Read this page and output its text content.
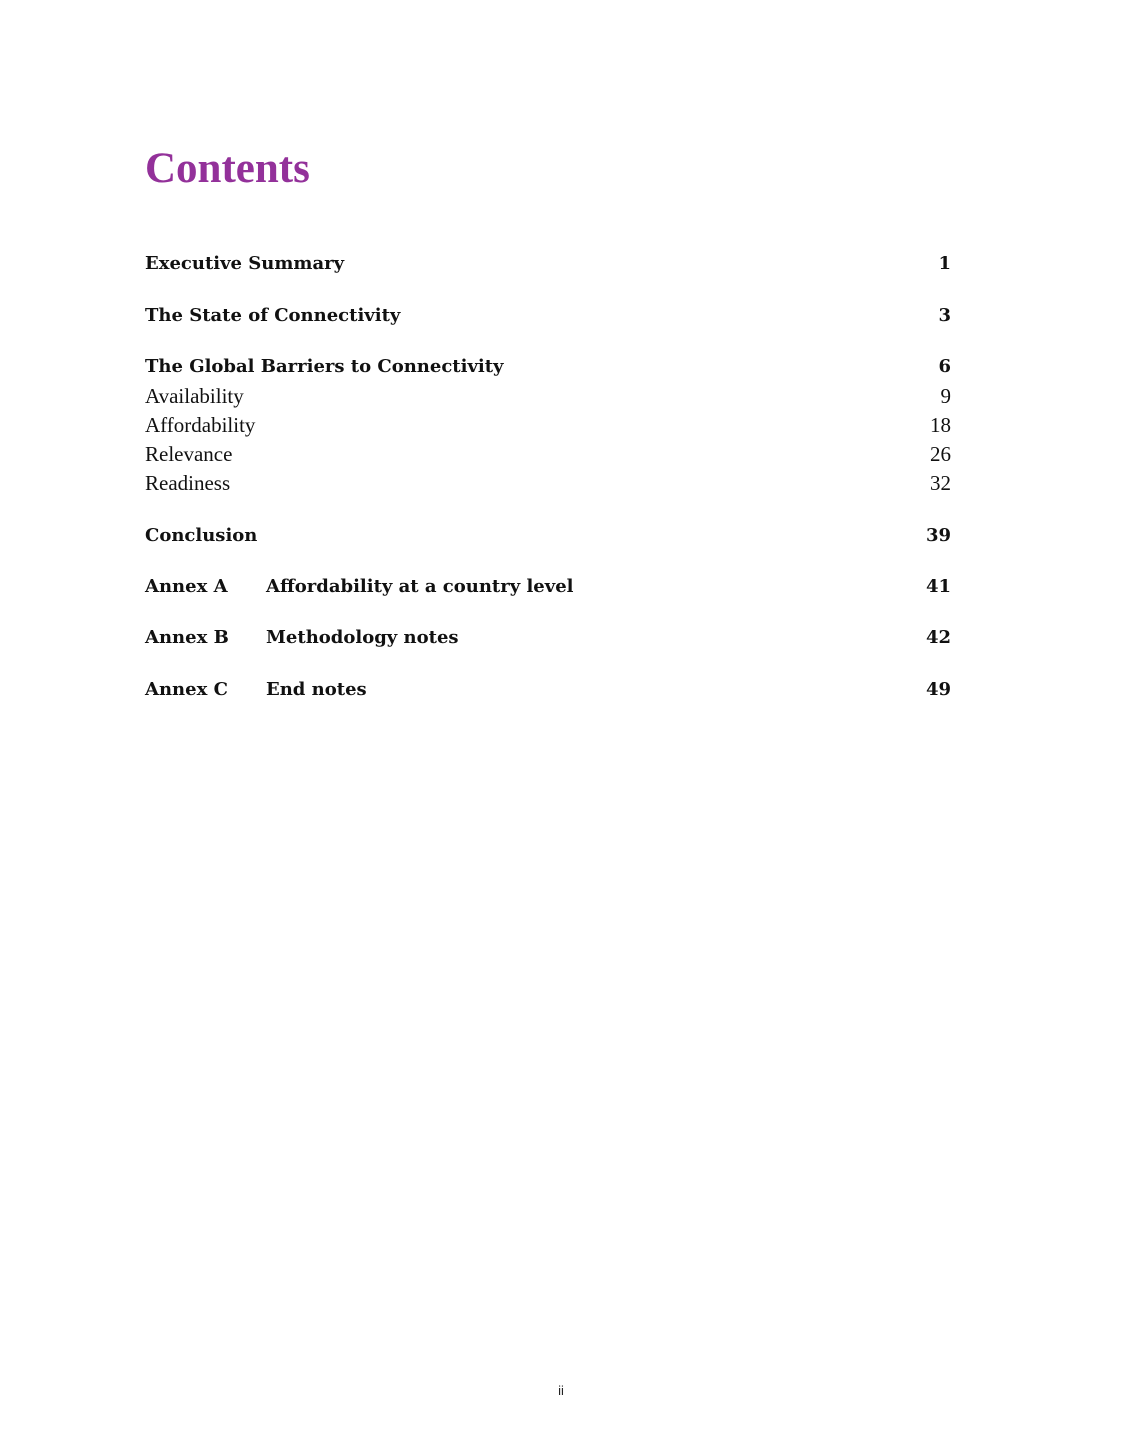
Contents
Executive Summary	1
The State of Connectivity	3
The Global Barriers to Connectivity	6
Availability	9
Affordability	18
Relevance	26
Readiness	32
Conclusion	39
Annex A Affordability at a country level	41
Annex B Methodology notes	42
Annex C End notes	49
ii
